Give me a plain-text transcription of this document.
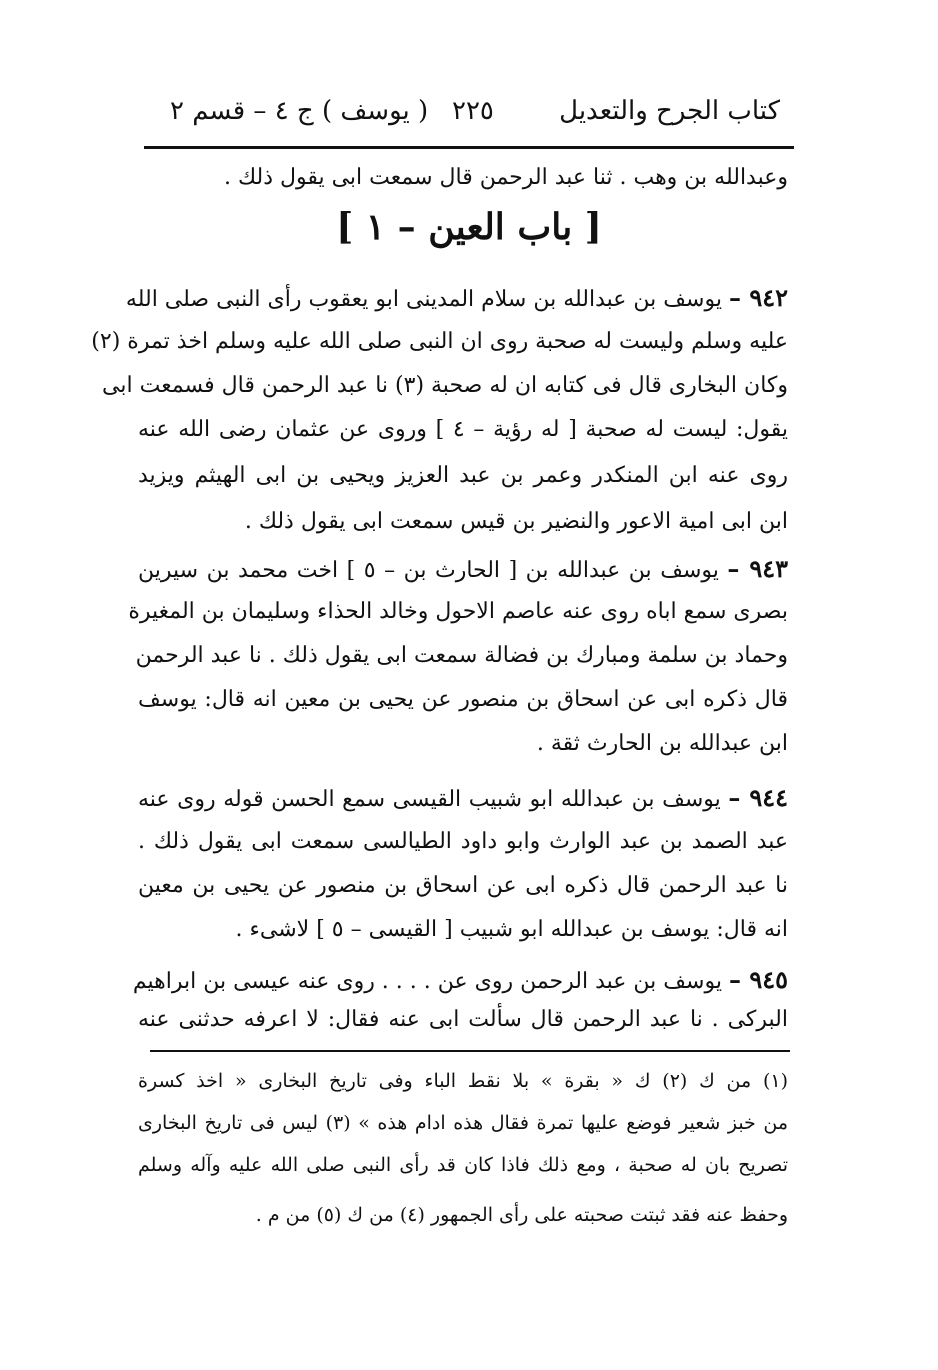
كتاب الجرح والتعديل
٢٢٥
( يوسف ) ج ٤ – قسم ٢
وعبدالله بن وهب . ثنا عبد الرحمن قال سمعت ابى يقول ذلك .
[ باب العين – ١ ]
٩٤٢ – يوسف بن عبدالله بن سلام المدينى ابو يعقوب رأى النبى صلى الله
عليه وسلم وليست له صحبة روى ان النبى صلى الله عليه وسلم اخذ تمرة (٢)
وكان البخارى قال فى كتابه ان له صحبة (٣) نا عبد الرحمن قال فسمعت ابى
يقول: ليست له صحبة [ له رؤية – ٤ ] وروى عن عثمان رضى الله عنه
روى عنه ابن المنكدر وعمر بن عبد العزيز ويحيى بن ابى الهيثم ويزيد
ابن ابى امية الاعور والنضير بن قيس سمعت ابى يقول ذلك .
٩٤٣ – يوسف بن عبدالله بن [ الحارث بن – ٥ ] اخت محمد بن سيرين
بصرى سمع اباه روى عنه عاصم الاحول وخالد الحذاء وسليمان بن المغيرة
وحماد بن سلمة ومبارك بن فضالة سمعت ابى يقول ذلك . نا عبد الرحمن
قال ذكره ابى عن اسحاق بن منصور عن يحيى بن معين انه قال: يوسف
ابن عبدالله بن الحارث ثقة .
٩٤٤ – يوسف بن عبدالله ابو شبيب القيسى سمع الحسن قوله روى عنه
عبد الصمد بن عبد الوارث وابو داود الطيالسى سمعت ابى يقول ذلك .
نا عبد الرحمن قال ذكره ابى عن اسحاق بن منصور عن يحيى بن معين
انه قال: يوسف بن عبدالله ابو شبيب [ القيسى – ٥ ] لاشىء .
٩٤٥ – يوسف بن عبد الرحمن روى عن . . . . روى عنه عيسى بن ابراهيم
البركى . نا عبد الرحمن قال سألت ابى عنه فقال: لا اعرفه حدثنى عنه
(١) من ك (٢) ك « بقرة » بلا نقط الباء وفى تاريخ البخارى « اخذ كسرة
من خبز شعير فوضع عليها تمرة فقال هذه ادام هذه » (٣) ليس فى تاريخ البخارى
تصريح بان له صحبة ، ومع ذلك فاذا كان قد رأى النبى صلى الله عليه وآله وسلم
وحفظ عنه فقد ثبتت صحبته على رأى الجمهور (٤) من ك (٥) من م .
